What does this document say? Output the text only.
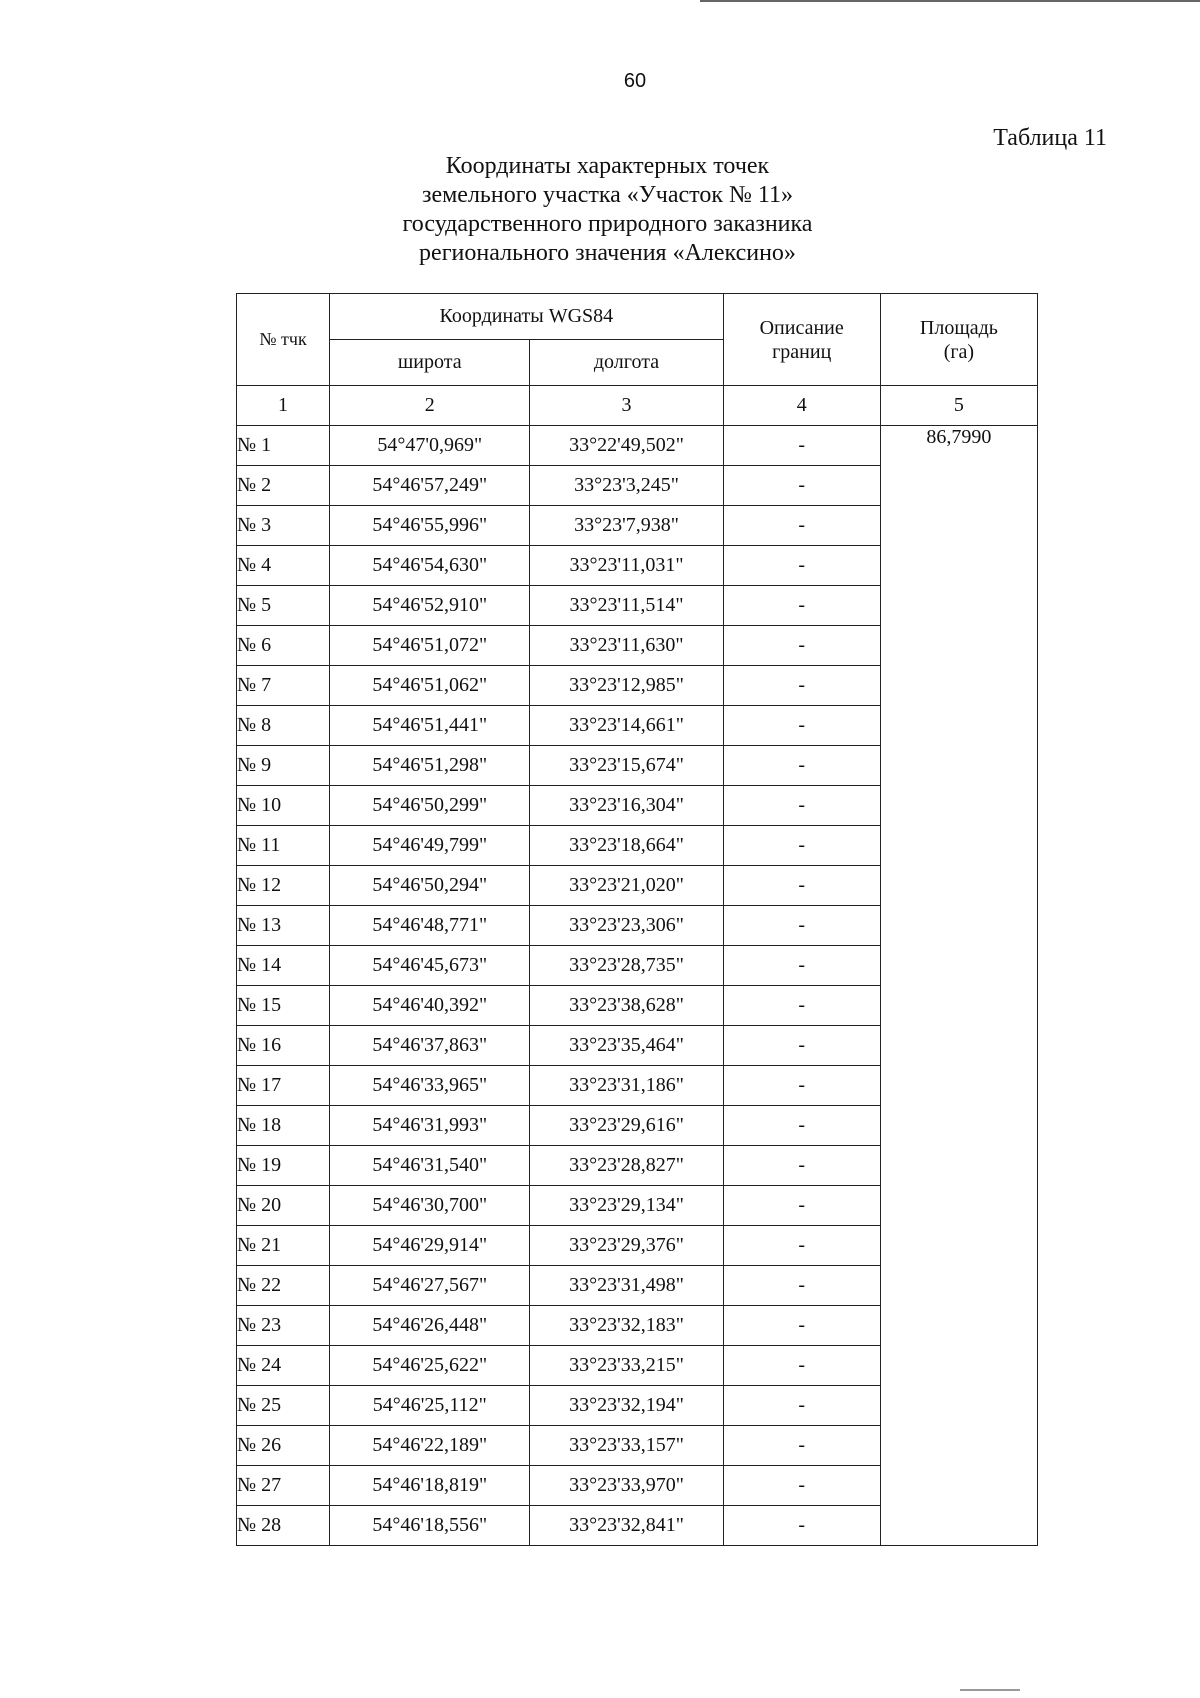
60
Таблица 11
Координаты характерных точек
земельного участка «Участок № 11»
государственного природного заказника
регионального значения «Алексино»
№ тчк	Координаты WGS84		Описание границ	Площадь (га)
	широта	долгота		
1	2	3	4	5
№ 1	54°47'0,969"	33°22'49,502"	-	86,7990
№ 2	54°46'57,249"	33°23'3,245"	-	
№ 3	54°46'55,996"	33°23'7,938"	-	
№ 4	54°46'54,630"	33°23'11,031"	-	
№ 5	54°46'52,910"	33°23'11,514"	-	
№ 6	54°46'51,072"	33°23'11,630"	-	
№ 7	54°46'51,062"	33°23'12,985"	-	
№ 8	54°46'51,441"	33°23'14,661"	-	
№ 9	54°46'51,298"	33°23'15,674"	-	
№ 10	54°46'50,299"	33°23'16,304"	-	
№ 11	54°46'49,799"	33°23'18,664"	-	
№ 12	54°46'50,294"	33°23'21,020"	-	
№ 13	54°46'48,771"	33°23'23,306"	-	
№ 14	54°46'45,673"	33°23'28,735"	-	
№ 15	54°46'40,392"	33°23'38,628"	-	
№ 16	54°46'37,863"	33°23'35,464"	-	
№ 17	54°46'33,965"	33°23'31,186"	-	
№ 18	54°46'31,993"	33°23'29,616"	-	
№ 19	54°46'31,540"	33°23'28,827"	-	
№ 20	54°46'30,700"	33°23'29,134"	-	
№ 21	54°46'29,914"	33°23'29,376"	-	
№ 22	54°46'27,567"	33°23'31,498"	-	
№ 23	54°46'26,448"	33°23'32,183"	-	
№ 24	54°46'25,622"	33°23'33,215"	-	
№ 25	54°46'25,112"	33°23'32,194"	-	
№ 26	54°46'22,189"	33°23'33,157"	-	
№ 27	54°46'18,819"	33°23'33,970"	-	
№ 28	54°46'18,556"	33°23'32,841"	-	
